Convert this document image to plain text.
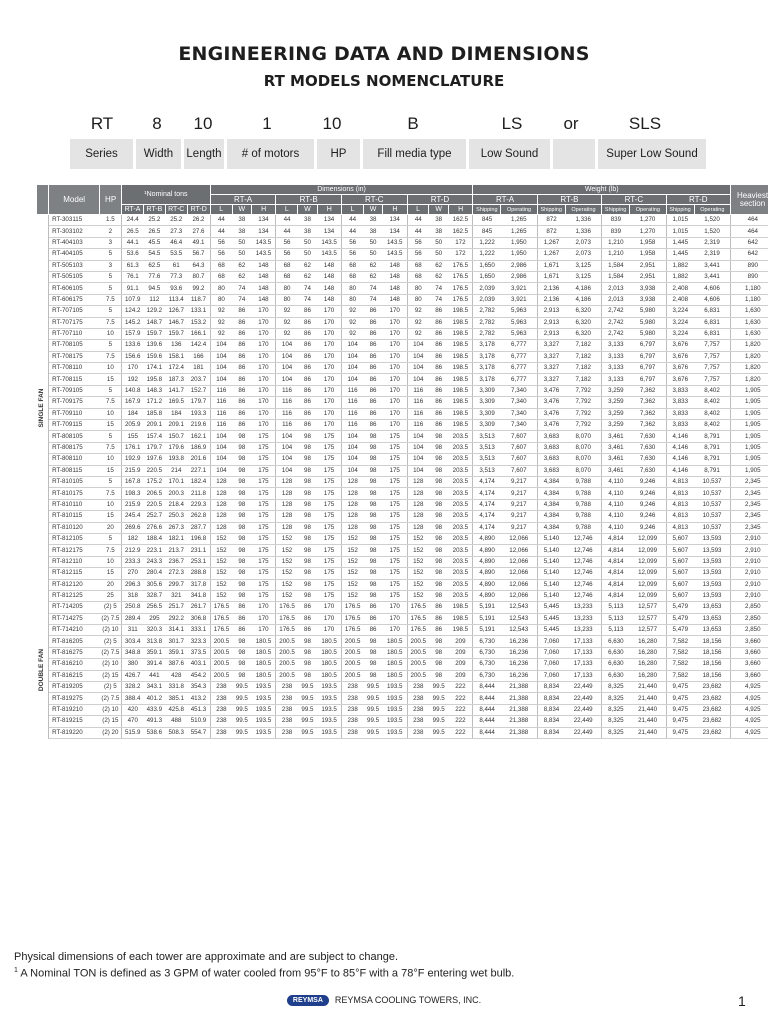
ENGINEERING DATA AND DIMENSIONS
RT MODELS NOMENCLATURE
RT	8	10	1	10	B	LS or	SLS
Series	Width	Length	# of motors	HP	Fill media type	Low Sound	Super Low Sound
	Model	HP	¹Nominal tons				Dimensions (in)												Weight (lb)								Heaviest section
							RT-A			RT-B			RT-C			RT-D			RT-A		RT-B		RT-C		RT-D		
			RT-A	RT-B	RT-C	RT-D	L	W	H	L	W	H	L	W	H	L	W	H	Shipping	Operating	Shipping	Operating	Shipping	Operating	Shipping	Operating	

SINGLE FAN	RT-303115	1.5	24.4	25.2	25.2	26.2	44	38	134	44	38	134	44	38	134	44	38	162.5	845	1,265	872	1,336	839	1,270	1,015	1,520	464
	RT-303102	2	26.5	26.5	27.3	27.6	44	38	134	44	38	134	44	38	134	44	38	162.5	845	1,265	872	1,336	839	1,270	1,015	1,520	464
	RT-404103	3	44.1	45.5	46.4	49.1	56	50	143.5	56	50	143.5	56	50	143.5	56	50	172	1,222	1,950	1,267	2,073	1,210	1,958	1,445	2,319	642
	RT-404105	5	53.6	54.5	53.5	56.7	56	50	143.5	56	50	143.5	56	50	143.5	56	50	172	1,222	1,950	1,267	2,073	1,210	1,958	1,445	2,319	642
	RT-505103	3	61.3	62.5	61	64.3	68	62	148	68	62	148	68	62	148	68	62	176.5	1,650	2,986	1,671	3,125	1,584	2,951	1,882	3,441	890
	RT-505105	5	76.1	77.6	77.3	80.7	68	62	148	68	62	148	68	62	148	68	62	176.5	1,650	2,986	1,671	3,125	1,584	2,951	1,882	3,441	890
	RT-606105	5	91.1	94.5	93.6	99.2	80	74	148	80	74	148	80	74	148	80	74	176.5	2,039	3,921	2,136	4,186	2,013	3,938	2,408	4,606	1,180
	RT-606175	7.5	107.9	112	113.4	118.7	80	74	148	80	74	148	80	74	148	80	74	176.5	2,039	3,921	2,136	4,186	2,013	3,938	2,408	4,606	1,180
	RT-707105	5	124.2	129.2	126.7	133.1	92	86	170	92	86	170	92	86	170	92	86	198.5	2,782	5,963	2,913	6,320	2,742	5,980	3,224	6,831	1,630
	RT-707175	7.5	145.2	148.7	146.7	153.2	92	86	170	92	86	170	92	86	170	92	86	198.5	2,782	5,963	2,913	6,320	2,742	5,980	3,224	6,831	1,630
	RT-707110	10	157.9	159.7	159.7	166.1	92	86	170	92	86	170	92	86	170	92	86	198.5	2,782	5,963	2,913	6,320	2,742	5,980	3,224	6,831	1,630
	RT-708105	5	133.6	139.6	136	142.4	104	86	170	104	86	170	104	86	170	104	86	198.5	3,178	6,777	3,327	7,182	3,133	6,797	3,676	7,757	1,820
	RT-708175	7.5	156.6	159.6	158.1	166	104	86	170	104	86	170	104	86	170	104	86	198.5	3,178	6,777	3,327	7,182	3,133	6,797	3,676	7,757	1,820
	RT-708110	10	170	174.1	172.4	181	104	86	170	104	86	170	104	86	170	104	86	198.5	3,178	6,777	3,327	7,182	3,133	6,797	3,676	7,757	1,820
	RT-708115	15	192	195.8	187.3	203.7	104	86	170	104	86	170	104	86	170	104	86	198.5	3,178	6,777	3,327	7,182	3,133	6,797	3,676	7,757	1,820
	RT-709105	5	140.8	148.3	141.7	152.7	116	86	170	116	86	170	116	86	170	116	86	198.5	3,309	7,340	3,476	7,792	3,259	7,362	3,833	8,402	1,905
	RT-709175	7.5	167.9	171.2	169.5	179.7	116	86	170	116	86	170	116	86	170	116	86	198.5	3,309	7,340	3,476	7,792	3,259	7,362	3,833	8,402	1,905
	RT-709110	10	184	185.8	184	193.3	116	86	170	116	86	170	116	86	170	116	86	198.5	3,309	7,340	3,476	7,792	3,259	7,362	3,833	8,402	1,905
	RT-709115	15	205.9	209.1	209.1	219.6	116	86	170	116	86	170	116	86	170	116	86	198.5	3,309	7,340	3,476	7,792	3,259	7,362	3,833	8,402	1,905
	RT-808105	5	155	157.4	150.7	162.1	104	98	175	104	98	175	104	98	175	104	98	203.5	3,513	7,607	3,683	8,070	3,461	7,630	4,146	8,791	1,905
	RT-808175	7.5	176.1	179.7	179.6	186.9	104	98	175	104	98	175	104	98	175	104	98	203.5	3,513	7,607	3,683	8,070	3,461	7,630	4,146	8,791	1,905
	RT-808110	10	192.9	197.6	193.8	201.6	104	98	175	104	98	175	104	98	175	104	98	203.5	3,513	7,607	3,683	8,070	3,461	7,630	4,146	8,791	1,905
	RT-808115	15	215.9	220.5	214	227.1	104	98	175	104	98	175	104	98	175	104	98	203.5	3,513	7,607	3,683	8,070	3,461	7,630	4,146	8,791	1,905
	RT-810105	5	167.8	175.2	170.1	182.4	128	98	175	128	98	175	128	98	175	128	98	203.5	4,174	9,217	4,384	9,788	4,110	9,246	4,813	10,537	2,345
	RT-810175	7.5	198.3	206.5	200.3	211.8	128	98	175	128	98	175	128	98	175	128	98	203.5	4,174	9,217	4,384	9,788	4,110	9,246	4,813	10,537	2,345
	RT-810110	10	215.9	220.5	218.4	229.3	128	98	175	128	98	175	128	98	175	128	98	203.5	4,174	9,217	4,384	9,788	4,110	9,246	4,813	10,537	2,345
	RT-810115	15	245.4	252.7	250.3	262.8	128	98	175	128	98	175	128	98	175	128	98	203.5	4,174	9,217	4,384	9,788	4,110	9,246	4,813	10,537	2,345
	RT-810120	20	269.6	276.6	267.3	287.7	128	98	175	128	98	175	128	98	175	128	98	203.5	4,174	9,217	4,384	9,788	4,110	9,246	4,813	10,537	2,345
	RT-812105	5	182	188.4	182.1	196.8	152	98	175	152	98	175	152	98	175	152	98	203.5	4,890	12,066	5,140	12,746	4,814	12,099	5,607	13,593	2,910
	RT-812175	7.5	212.9	223.1	213.7	231.1	152	98	175	152	98	175	152	98	175	152	98	203.5	4,890	12,066	5,140	12,746	4,814	12,099	5,607	13,593	2,910
	RT-812110	10	233.3	243.3	236.7	253.1	152	98	175	152	98	175	152	98	175	152	98	203.5	4,890	12,066	5,140	12,746	4,814	12,099	5,607	13,593	2,910
	RT-812115	15	270	280.4	272.3	288.8	152	98	175	152	98	175	152	98	175	152	98	203.5	4,890	12,066	5,140	12,746	4,814	12,099	5,607	13,593	2,910
	RT-812120	20	296.3	305.6	299.7	317.8	152	98	175	152	98	175	152	98	175	152	98	203.5	4,890	12,066	5,140	12,746	4,814	12,099	5,607	13,593	2,910
	RT-812125	25	318	328.7	321	341.8	152	98	175	152	98	175	152	98	175	152	98	203.5	4,890	12,066	5,140	12,746	4,814	12,099	5,607	13,593	2,910

DOUBLE FAN	RT-714205	(2) 5	250.8	256.5	251.7	261.7	176.5	86	170	176.5	86	170	176.5	86	170	176.5	86	198.5	5,191	12,543	5,445	13,233	5,113	12,577	5,479	13,653	2,850
	RT-714275	(2) 7.5	289.4	295	292.2	306.8	176.5	86	170	176.5	86	170	176.5	86	170	176.5	86	198.5	5,191	12,543	5,445	13,233	5,113	12,577	5,479	13,653	2,850
	RT-714210	(2) 10	311	320.3	314.1	333.1	176.5	86	170	176.5	86	170	176.5	86	170	176.5	86	198.5	5,191	12,543	5,445	13,233	5,113	12,577	5,479	13,653	2,850
	RT-816205	(2) 5	303.4	313.8	301.7	323.3	200.5	98	180.5	200.5	98	180.5	200.5	98	180.5	200.5	98	209	6,730	16,236	7,060	17,133	6,630	16,280	7,582	18,156	3,660
	RT-816275	(2) 7.5	348.8	359.1	359.1	373.5	200.5	98	180.5	200.5	98	180.5	200.5	98	180.5	200.5	98	209	6,730	16,236	7,060	17,133	6,630	16,280	7,582	18,156	3,660
	RT-816210	(2) 10	380	391.4	387.6	403.1	200.5	98	180.5	200.5	98	180.5	200.5	98	180.5	200.5	98	209	6,730	16,236	7,060	17,133	6,630	16,280	7,582	18,156	3,660
	RT-816215	(2) 15	426.7	441	428	454.2	200.5	98	180.5	200.5	98	180.5	200.5	98	180.5	200.5	98	209	6,730	16,236	7,060	17,133	6,630	16,280	7,582	18,156	3,660
	RT-819205	(2) 5	328.2	343.1	331.8	354.3	238	99.5	193.5	238	99.5	193.5	238	99.5	193.5	238	99.5	222	8,444	21,388	8,834	22,449	8,325	21,440	9,475	23,682	4,925
	RT-819275	(2) 7.5	388.4	401.2	385.1	413.2	238	99.5	193.5	238	99.5	193.5	238	99.5	193.5	238	99.5	222	8,444	21,388	8,834	22,449	8,325	21,440	9,475	23,682	4,925
	RT-819210	(2) 10	420	433.9	425.8	451.3	238	99.5	193.5	238	99.5	193.5	238	99.5	193.5	238	99.5	222	8,444	21,388	8,834	22,449	8,325	21,440	9,475	23,682	4,925
	RT-819215	(2) 15	470	491.3	488	510.9	238	99.5	193.5	238	99.5	193.5	238	99.5	193.5	238	99.5	222	8,444	21,388	8,834	22,449	8,325	21,440	9,475	23,682	4,925
	RT-819220	(2) 20	515.9	538.6	508.3	554.7	238	99.5	193.5	238	99.5	193.5	238	99.5	193.5	238	99.5	222	8,444	21,388	8,834	22,449	8,325	21,440	9,475	23,682	4,925
Physical dimensions of each tower are approximate and are subject to change.
$^1$ A Nominal TON is defined as 3 GPM of water cooled from 95°F to 85°F with a 78°F entering wet bulb.
REYMSA REYMSA COOLING TOWERS, INC.	1
